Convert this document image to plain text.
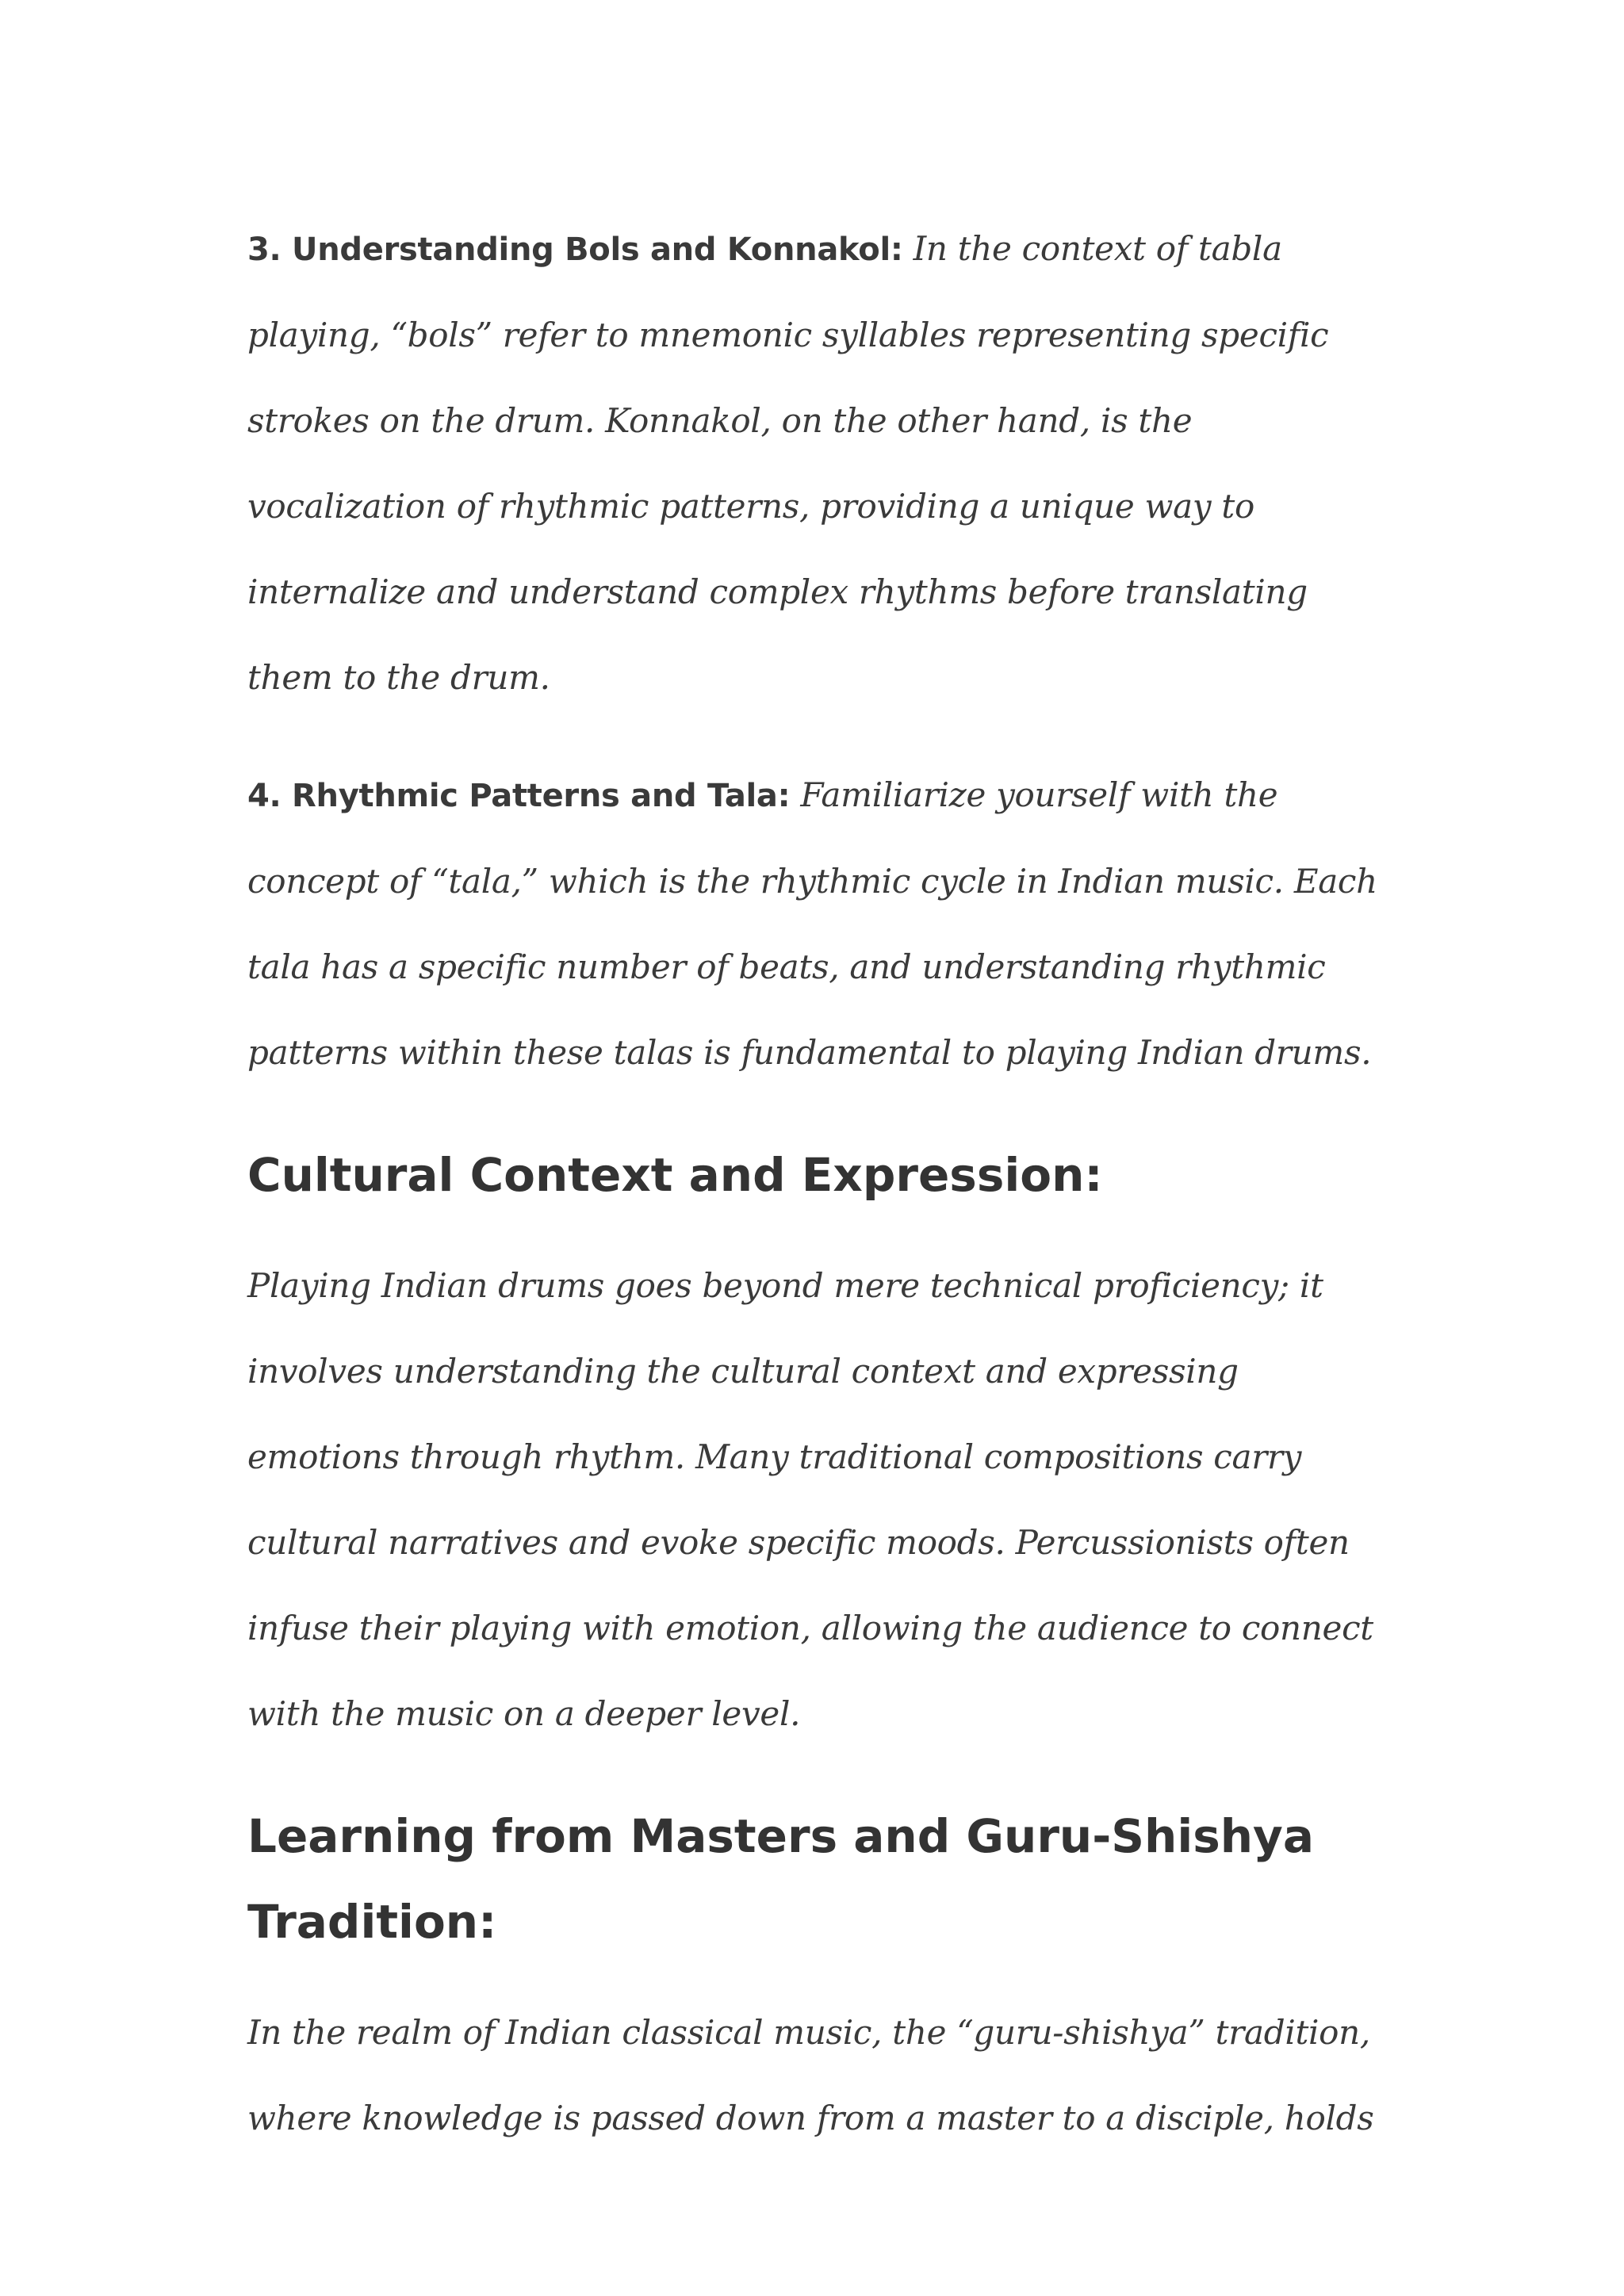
3. Understanding Bols and Konnakol: In the context of tabla playing, “bols” refer to mnemonic syllables representing specific strokes on the drum. Konnakol, on the other hand, is the vocalization of rhythmic patterns, providing a unique way to internalize and understand complex rhythms before translating them to the drum.

4. Rhythmic Patterns and Tala: Familiarize yourself with the concept of “tala,” which is the rhythmic cycle in Indian music. Each tala has a specific number of beats, and understanding rhythmic patterns within these talas is fundamental to playing Indian drums.

Cultural Context and Expression:

Playing Indian drums goes beyond mere technical proficiency; it involves understanding the cultural context and expressing emotions through rhythm. Many traditional compositions carry cultural narratives and evoke specific moods. Percussionists often infuse their playing with emotion, allowing the audience to connect with the music on a deeper level.

Learning from Masters and Guru-Shishya Tradition:

In the realm of Indian classical music, the “guru-shishya” tradition, where knowledge is passed down from a master to a disciple, holds
